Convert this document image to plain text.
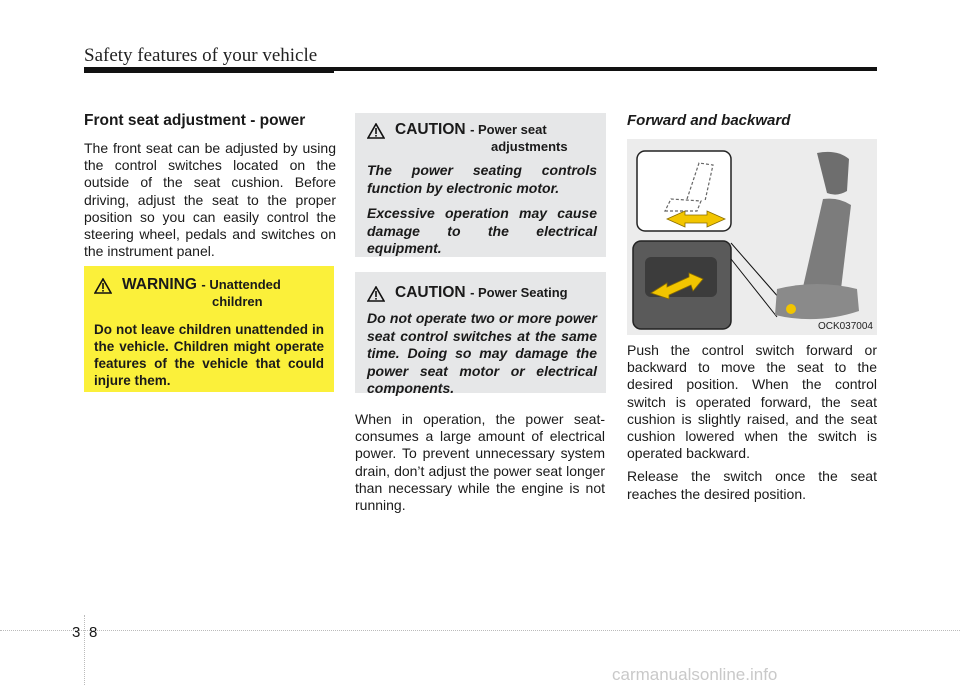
Safety features of your vehicle
Front seat adjustment - power

The front seat can be adjusted by using the control switches located on the outside of the seat cushion. Before driving, adjust the seat to the proper position so you can easily control the steering wheel, pedals and switches on the instrument panel.

WARNING - Unattended
children
Do not leave children unattended in the vehicle. Children might operate features of the vehicle that could injure them.
CAUTION - Power seat
adjustments

The power seating controls function by electronic motor.

Excessive operation may cause damage to the electrical equipment.

CAUTION - Power Seating

Do not operate two or more power seat control switches at the same time. Doing so may damage the power seat motor or electrical components.

When in operation, the power seat-consumes a large amount of electrical power. To prevent unnecessary system drain, don’t adjust the power seat longer than necessary while the engine is not running.

Forward and backward
OCK037004

Push the control switch forward or backward to move the seat to the desired position. When the control switch is operated forward, the seat cushion is slightly raised, and the seat cushion lowered when the switch is operated backward.

Release the switch once the seat reaches the desired position.

3 8
carmanualsonline.info
